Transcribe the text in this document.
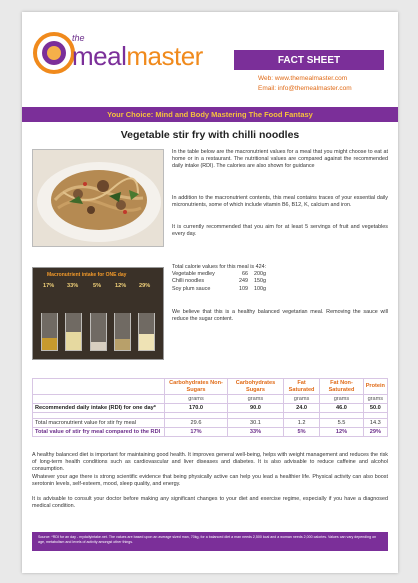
the
mealmaster	FACT SHEET
Web: www.themealmaster.com
Email: info@themealmaster.com
Your Choice: Mind and Body Mastering The Food Fantasy
Vegetable stir fry with chilli noodles

In the table below are the macronutrient values for a meal that you might choose to eat at home or in a restaurant. The nutritional values are compared against the recommended daily intake (RDI). The calories are also shown for guidance

In addition to the macronutrient contents, this meal contains traces of your essential daily micronutrients, some of which include vitamin B6, B12, K, calcium and iron.

It is currently recommended that you aim for at least 5 servings of fruit and vegetables every day.

Total calorie values for this meal is 424:
Vegetable medley	66	200g
Chilli noodles	249	150g
Soy plum sauce	109	100g

We believe that this is a healthy balanced vegetarian meal. Removing the sauce will reduce the sugar content.

Macronutrient intake for ONE day
17% 33%	5% 12% 29%
	Carbohydrates Non-Sugars	Carbohydrates Sugars	Fat Saturated	Fat Non-Saturated	Protein
	grams	grams	grams	grams	grams
Recommended daily intake (RDI) for one day*	170.0	90.0	24.0	46.0	50.0

Total macronutrient value for stir fry meal	29.6	30.1	1.2	5.5	14.3
Total value of stir fry meal compared to the RDI	17%	33%	5%	12%	29%

A healthy balanced diet is important for maintaining good health. It improves general well-being, helps with weight management and reduces the risk of long-term health conditions such as cardiovascular and liver diseases and diabetes. It is also advisable to reduce caffeine and alcohol consumption.

Whatever your age there is strong scientific evidence that being physically active can help you lead a healthier life. Physical activity can also boost serotonin levels, self-esteem, mood, sleep quality, and energy.

It is advisable to consult your doctor before making any significant changes to your diet and exercise regime, especially if you have a diagnosed medical condition.

Source: *RDI for an day - mydailyintake.net. The values are based upon an average sized man, 70kg, for a balanced diet a man needs 2,500 kcal and a woman needs 2,000 calories. Values can vary depending on age, metabolism and levels of activity amongst other things.
